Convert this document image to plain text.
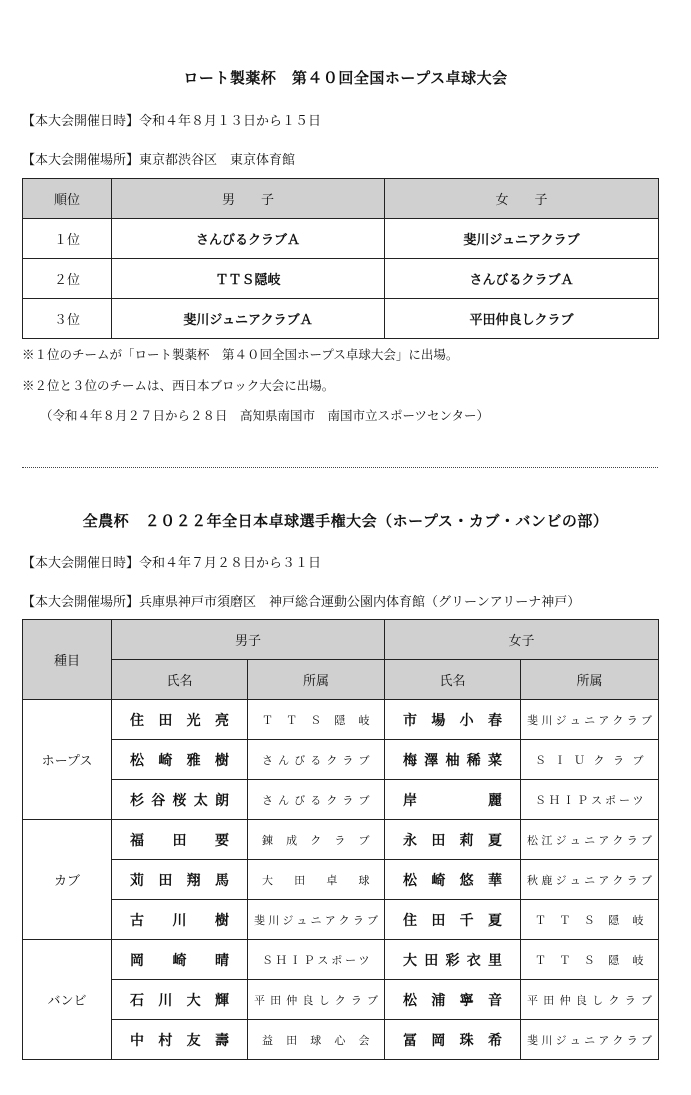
ロート製薬杯　第４０回全国ホープス卓球大会
【本大会開催日時】令和４年８月１３日から１５日
【本大会開催場所】東京都渋谷区　東京体育館
順位	男　　子	女　　子
１位	さんびるクラブＡ	斐川ジュニアクラブ
２位	ＴＴＳ隠岐	さんびるクラブＡ
３位	斐川ジュニアクラブＡ	平田仲良しクラブ
※１位のチームが「ロート製薬杯　第４０回全国ホープス卓球大会」に出場。
※２位と３位のチームは、西日本ブロック大会に出場。
（令和４年８月２７日から２８日　高知県南国市　南国市立スポーツセンター）
全農杯　２０２２年全日本卓球選手権大会（ホープス・カブ・バンビの部）
【本大会開催日時】令和４年７月２８日から３１日
【本大会開催場所】兵庫県神戸市須磨区　神戸総合運動公園内体育館（グリーンアリーナ神戸）
種目	男子		女子	
	氏名	所属	氏名	所属
ホープス	住田光亮	ＴＴＳ隠岐	市場小春	斐川ジュニアクラブ
	松崎雅樹	さんびるクラブ	梅澤柚稀菜	ＳＩＵクラブ
	杉谷桜太朗	さんびるクラブ	岸　麗	ＳＨＩＰスポーツ
カブ	福田要	錬成クラブ	永田莉夏	松江ジュニアクラブ
	苅田翔馬	大田卓球	松崎悠華	秋鹿ジュニアクラブ
	古川樹	斐川ジュニアクラブ	住田千夏	ＴＴＳ隠岐
バンビ	岡崎晴	ＳＨＩＰスポーツ	大田彩衣里	ＴＴＳ隠岐
	石川大輝	平田仲良しクラブ	松浦寧音	平田仲良しクラブ
	中村友壽	益田球心会	冨岡珠希	斐川ジュニアクラブ
